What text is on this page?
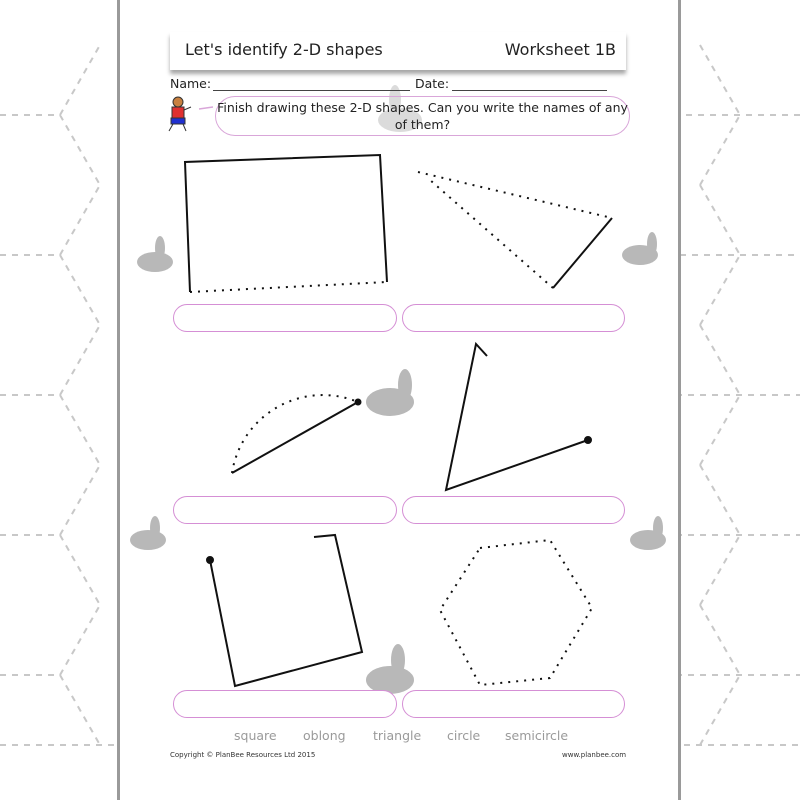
Let's identify 2-D shapes	Worksheet 1B
Name:	Date:
Finish drawing these 2-D shapes. Can you write the names of any of them?
square oblong triangle circle semicircle
Copyright © PlanBee Resources Ltd 2015	www.planbee.com
